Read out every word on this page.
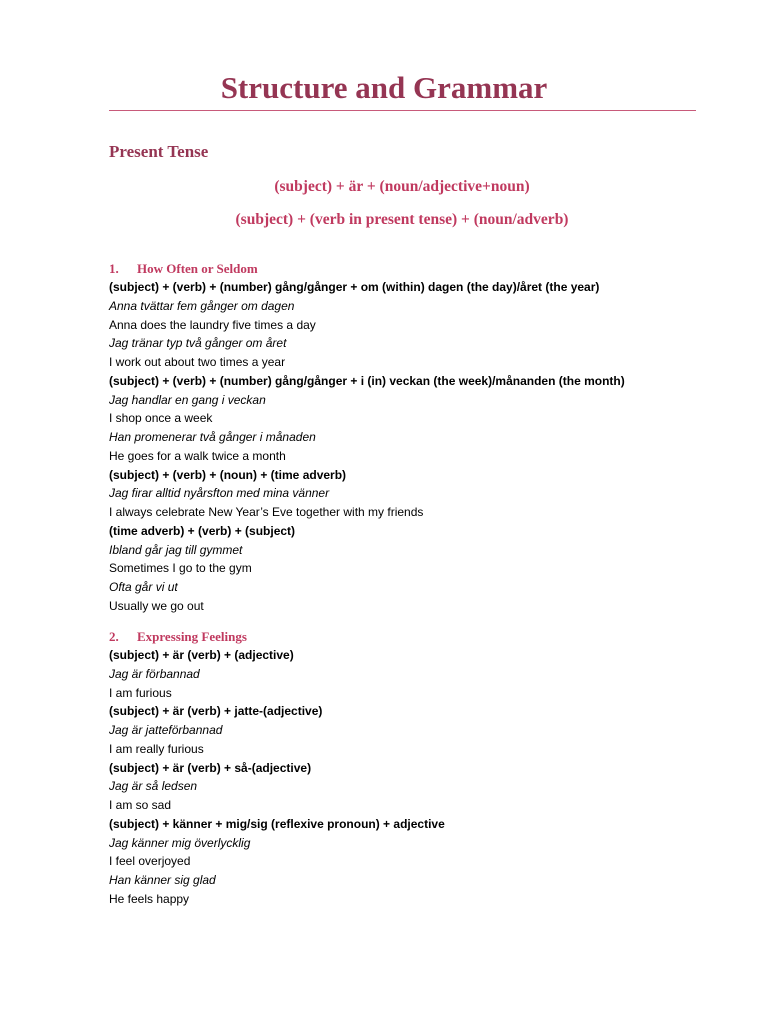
Structure and Grammar
Present Tense
(subject) + är + (noun/adjective+noun)
(subject) + (verb in present tense) + (noun/adverb)
1. How Often or Seldom
(subject) + (verb) + (number) gång/gånger + om (within) dagen (the day)/året (the year)
Anna tvättar fem gånger om dagen
Anna does the laundry five times a day
Jag tränar typ två gånger om året
I work out about two times a year
(subject) + (verb) + (number) gång/gånger + i (in) veckan (the week)/månanden (the month)
Jag handlar en gang i veckan
I shop once a week
Han promenerar två gånger i månaden
He goes for a walk twice a month
(subject) + (verb) + (noun) + (time adverb)
Jag firar alltid nyårsfton med mina vänner
I always celebrate New Year’s Eve together with my friends
(time adverb) + (verb) + (subject)
Ibland går jag till gymmet
Sometimes I go to the gym
Ofta går vi ut
Usually we go out
2. Expressing Feelings
(subject) + är (verb) + (adjective)
Jag är förbannad
I am furious
(subject) + är (verb) + jatte-(adjective)
Jag är jatteförbannad
I am really furious
(subject) + är (verb) + så-(adjective)
Jag är så ledsen
I am so sad
(subject) + känner + mig/sig (reflexive pronoun) + adjective
Jag känner mig överlycklig
I feel overjoyed
Han känner sig glad
He feels happy
